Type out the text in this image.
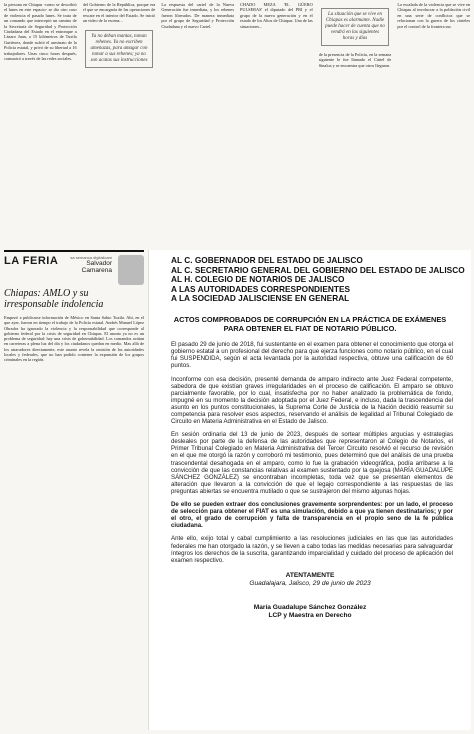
la persona en Chiapas -como se describió el lunes en este espacio- se dio otro caso de violencia el pasado lunes. Se trata de un comando que interceptó un camino de la Secretaría de Seguridad y Protección Ciudadana del Estado en el entronque a Lázaro Juan, a 15 kilómetros de Tuxtla Gutiérrez, donde sufrió el asesinato de la Policía estatal, y privó de su libertad a 16 trabajadores. Unas cinco horas después, comunicó a través de las redes sociales.
del Gobierno de la República, porque era el que se encargaría de las operaciones de rescate en el interior del Estado. Se inició un video de la escena...
Ya no deban mantas, toman rehenes. Ya no escriben amenazas, para amagar con tomar a sus rehenes; ya no son acatas sus instrucciones
La respuesta del cartel de la Nueva Generación fue inmediata, y los rehenes fueron liberados. De manera inmediata por el grupo de Seguridad y Protección Ciudadana y el nuevo Cartel.
CHADO MEZA 'EL GÜERO PULSERAS' el diputado del PRI y el grupo de la nueva generación y en el estado de los Altos de Chiapas. Una de las situaciones...
La situación que se vive en Chiapas es alarmante. Nadie puede hacer de cuenta que no vendrá en las siguientes horas y días
de la presencia de la Policía, en la semana siguiente le fue llamado el Cártel de Sinaloa y se encuentra que otros llegaron.
La escalada de la violencia que se vive en Chiapas al involucrar a la población civil en una serie de conflictos que se relacionan con la guerra de los cárteles por el control de la frontera sur.
LA FERIA	sa semanca digitalicam
Salvador Camarena
Chiapas: AMLO y su irresponsable indolencia
Empezó a publicarse información de México en Santa Sabio Tuxtla. Ahí, en el que ayer, fueron en tiempo el trabajo de la Policía estatal. Andrés Manuel López Obrador ha ignorado la violencia y la responsabilidad que corresponde al gobierno federal por la crisis de seguridad en Chiapas. El asunto ya no es un problema de seguridad: hay una crisis de gobernabilidad. Los comandos actúan en carreteras a plena luz del día y los ciudadanos quedan en medio. Mas allá de los atracadores directamente, este asunto revela la omisión de las autoridades locales y federales, que no han podido contener la expansión de los grupos criminales en la región.
AL C. GOBERNADOR DEL ESTADO DE JALISCO
AL C. SECRETARIO GENERAL DEL GOBIERNO DEL ESTADO DE JALISCO
AL H. COLEGIO DE NOTARIOS DE JALISCO
A LAS AUTORIDADES CORRESPONDIENTES
A LA SOCIEDAD JALISCIENSE EN GENERAL
ACTOS COMPROBADOS DE CORRUPCIÓN EN LA PRÁCTICA DE EXÁMENES PARA OBTENER EL FIAT DE NOTARIO PÚBLICO.
El pasado 29 de junio de 2018, fui sustentante en el examen para obtener el conocimiento que otorga el gobierno estatal a un profesional del derecho para que ejerza funciones como notario público, en el cual fui SUSPENDIDA, según el acta levantada por la autoridad respectiva, obtuve una calificación de 60 puntos.
Inconforme con esa decisión, presenté demanda de amparo indirecto ante Juez Federal competente, sabedora de que existían graves irregularidades en el proceso de calificación. El amparo se obtuvo parcialmente favorable, por lo cual, insatisfecha por no haber analizado la problemática de fondo, impugné en su momento la decisión adoptada por el Juez Federal, e incluso, dada la trascendencia del asunto en los puntos constitucionales, la Suprema Corte de Justicia de la Nación decidió reasumir su competencia para resolver esos aspectos, reservando el análisis de legalidad al Tribunal Colegiado de Circuito en Materia Administrativa en el Estado de Jalisco.
En sesión ordinaria del 13 de junio de 2023, después de sortear múltiples argucias y estrategias desleales por parte de la defensa de las autoridades que representaron al Colegio de Notarios, el Primer Tribunal Colegiado en Materia Administrativa del Tercer Circuito resolvió el recurso de revisión en el que me otorgó la razón y corroboró mi testimonio, pues determinó que del análisis de una prueba trascendental desahogada en el amparo, como lo fue la grabación videográfica, podía arribarse a la convicción de que las constancias relativas al examen sustentado por la quejosa (MARÍA GUADALUPE SÁNCHEZ GONZÁLEZ) se encontraban incompletas, toda vez que se presentan elementos de alteración que llevaron a la convicción de que el legajo correspondiente a las respuestas de las preguntas abiertas se encuentra mutilado o que se sustrajeron del mismo algunas hojas.
De ello se pueden extraer dos conclusiones gravemente sorprendentes: por un lado, el proceso de selección para obtener el FIAT es una simulación, debido a que ya tienen destinatarios; y por el otro, el grado de corrupción y falta de transparencia en el propio seno de la fe pública ciudadana.
Ante ello, exijo total y cabal cumplimiento a las resoluciones judiciales en las que las autoridades federales me han otorgado la razón, y se lleven a cabo todas las medidas necesarias para salvaguardar íntegros los derechos de la suscrita, garantizando imparcialidad y cuidado del proceso de aplicación del examen respectivo.
ATENTAMENTE
Guadalajara, Jalisco, 29 de junio de 2023
María Guadalupe Sánchez González
LCP y Maestra en Derecho
